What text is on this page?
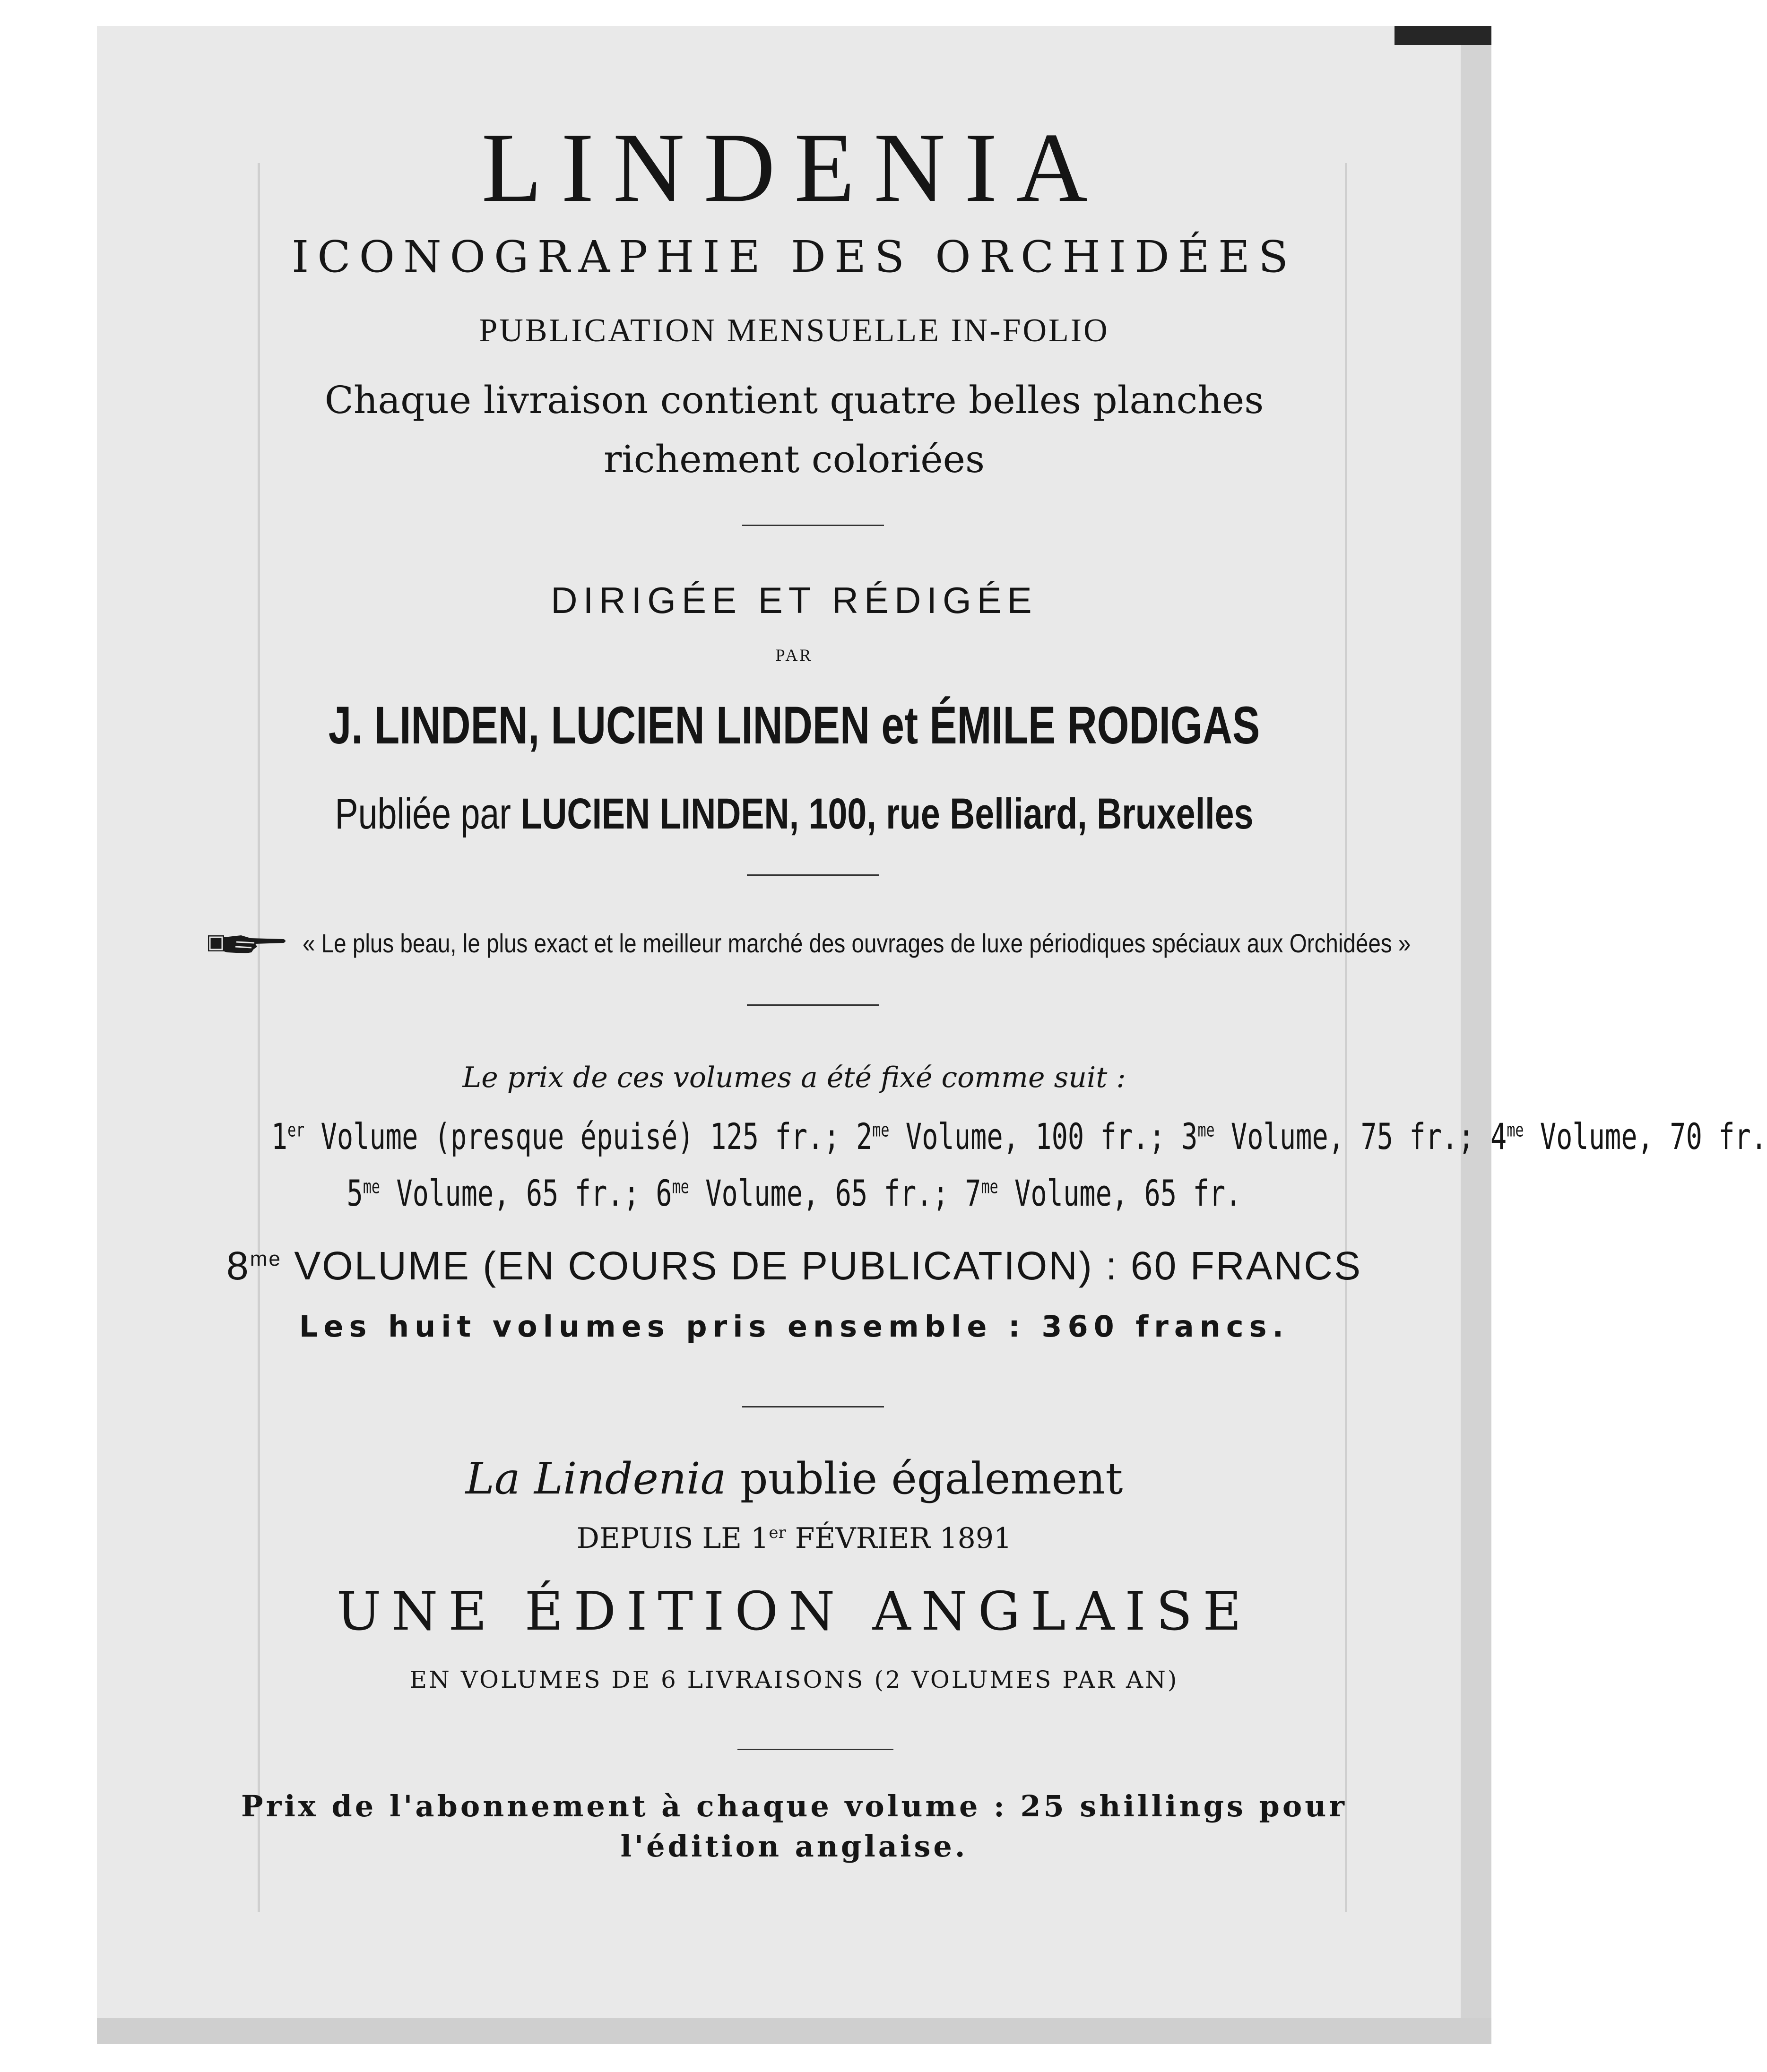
LINDENIA
ICONOGRAPHIE DES ORCHIDÉES
PUBLICATION MENSUELLE IN-FOLIO
Chaque livraison contient quatre belles planches
richement coloriées
DIRIGÉE ET RÉDIGÉE
PAR
J. LINDEN, LUCIEN LINDEN et ÉMILE RODIGAS
Publiée par LUCIEN LINDEN, 100, rue Belliard, Bruxelles
« Le plus beau, le plus exact et le meilleur marché des ouvrages de luxe périodiques spéciaux aux Orchidées »
Le prix de ces volumes a été fixé comme suit :
1er Volume (presque épuisé) 125 fr.; $2^{me}$ Volume, 100 fr.; $3^{me}$ Volume, 75 fr.; $4^{me}$ Volume, 70 fr.
$5^{me}$ Volume, 65 fr.; $6^{me}$ Volume, 65 fr.; $7^{me}$ Volume, 65 fr.
$8^{me}$ VOLUME (EN COURS DE PUBLICATION) : 60 FRANCS
Les huit volumes pris ensemble : 360 francs.
La Lindenia publie également
DEPUIS LE 1er FÉVRIER 1891
UNE ÉDITION ANGLAISE
EN VOLUMES DE 6 LIVRAISONS (2 VOLUMES PAR AN)
Prix de l'abonnement à chaque volume : 25 shillings pour
l'édition anglaise.
